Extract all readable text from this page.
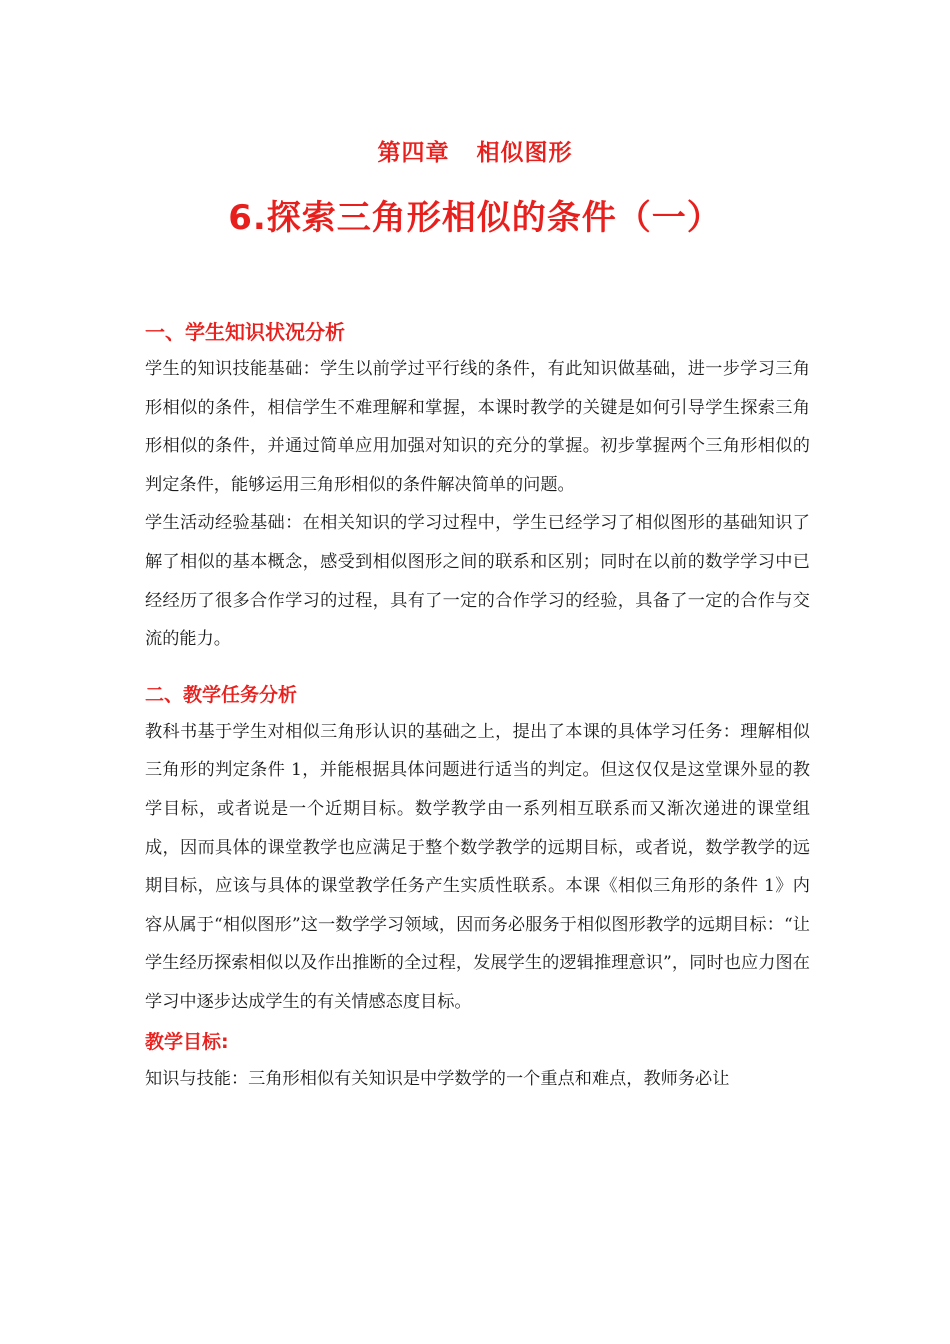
第四章 相似图形
6.探索三角形相似的条件（一）
一、学生知识状况分析
学生的知识技能基础：学生以前学过平行线的条件，有此知识做基础，进一步学习三角形相似的条件，相信学生不难理解和掌握，本课时教学的关键是如何引导学生探索三角形相似的条件，并通过简单应用加强对知识的充分的掌握。初步掌握两个三角形相似的判定条件，能够运用三角形相似的条件解决简单的问题。
学生活动经验基础：在相关知识的学习过程中，学生已经学习了相似图形的基础知识了解了相似的基本概念，感受到相似图形之间的联系和区别；同时在以前的数学学习中已经经历了很多合作学习的过程，具有了一定的合作学习的经验，具备了一定的合作与交流的能力。
二、教学任务分析
教科书基于学生对相似三角形认识的基础之上，提出了本课的具体学习任务：理解相似三角形的判定条件 1，并能根据具体问题进行适当的判定。但这仅仅是这堂课外显的教学目标，或者说是一个近期目标。数学教学由一系列相互联系而又渐次递进的课堂组成，因而具体的课堂教学也应满足于整个数学教学的远期目标，或者说，数学教学的远期目标，应该与具体的课堂教学任务产生实质性联系。本课《相似三角形的条件 1》内容从属于“相似图形”这一数学学习领域，因而务必服务于相似图形教学的远期目标：“让学生经历探索相似以及作出推断的全过程，发展学生的逻辑推理意识”，同时也应力图在学习中逐步达成学生的有关情感态度目标。
教学目标:
知识与技能：三角形相似有关知识是中学数学的一个重点和难点，教师务必让
